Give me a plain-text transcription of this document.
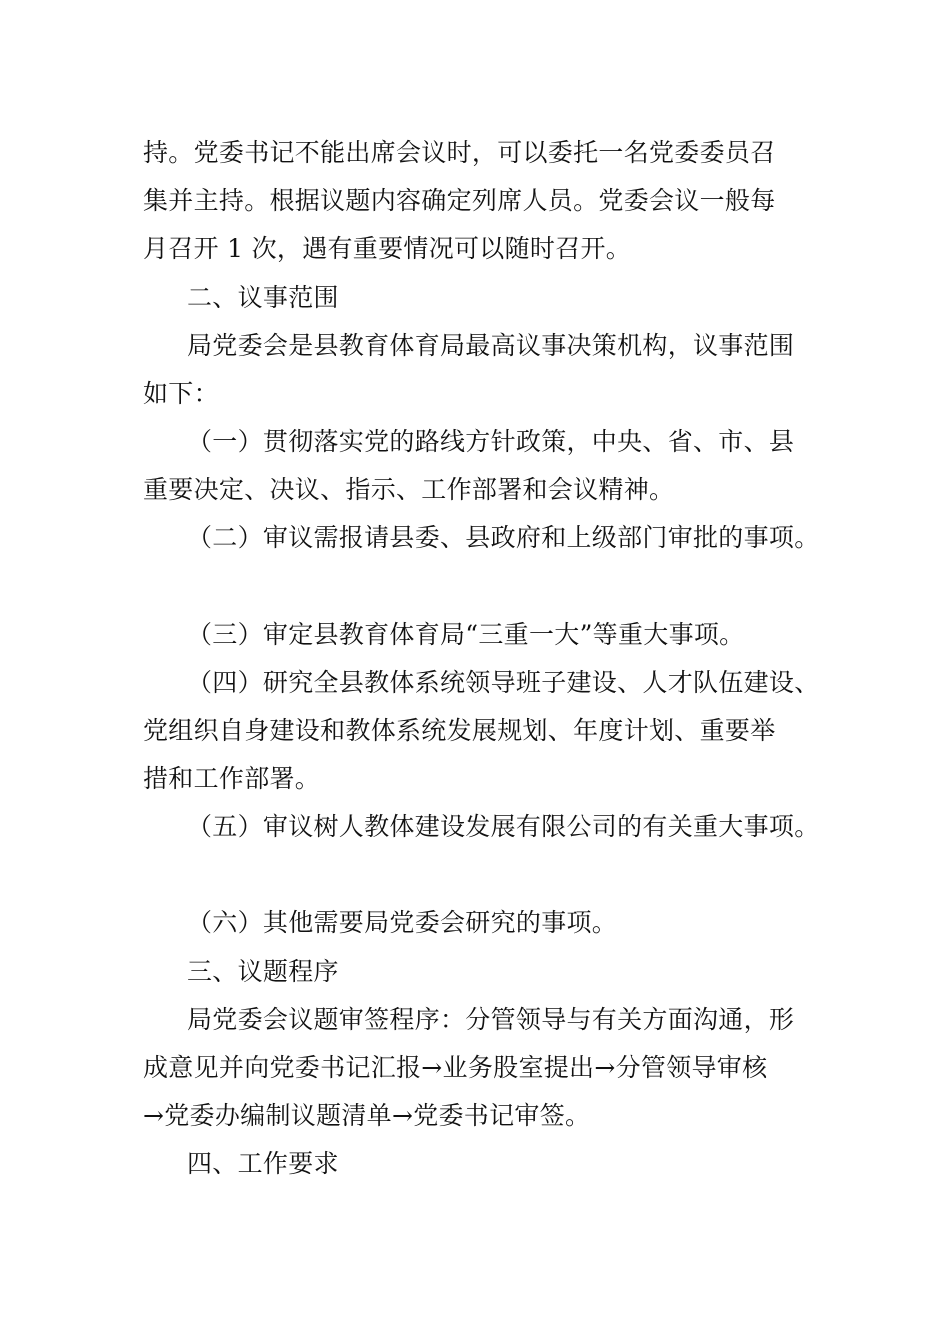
持。党委书记不能出席会议时，可以委托一名党委委员召
集并主持。根据议题内容确定列席人员。党委会议一般每
月召开 1 次，遇有重要情况可以随时召开。
二、议事范围
局党委会是县教育体育局最高议事决策机构，议事范围
如下：
（一）贯彻落实党的路线方针政策，中央、省、市、县
重要决定、决议、指示、工作部署和会议精神。
（二）审议需报请县委、县政府和上级部门审批的事项。
（三）审定县教育体育局“三重一大”等重大事项。
（四）研究全县教体系统领导班子建设、人才队伍建设、
党组织自身建设和教体系统发展规划、年度计划、重要举
措和工作部署。
（五）审议树人教体建设发展有限公司的有关重大事项。
（六）其他需要局党委会研究的事项。
三、议题程序
局党委会议题审签程序：分管领导与有关方面沟通，形
成意见并向党委书记汇报→业务股室提出→分管领导审核
→党委办编制议题清单→党委书记审签。
四、工作要求
